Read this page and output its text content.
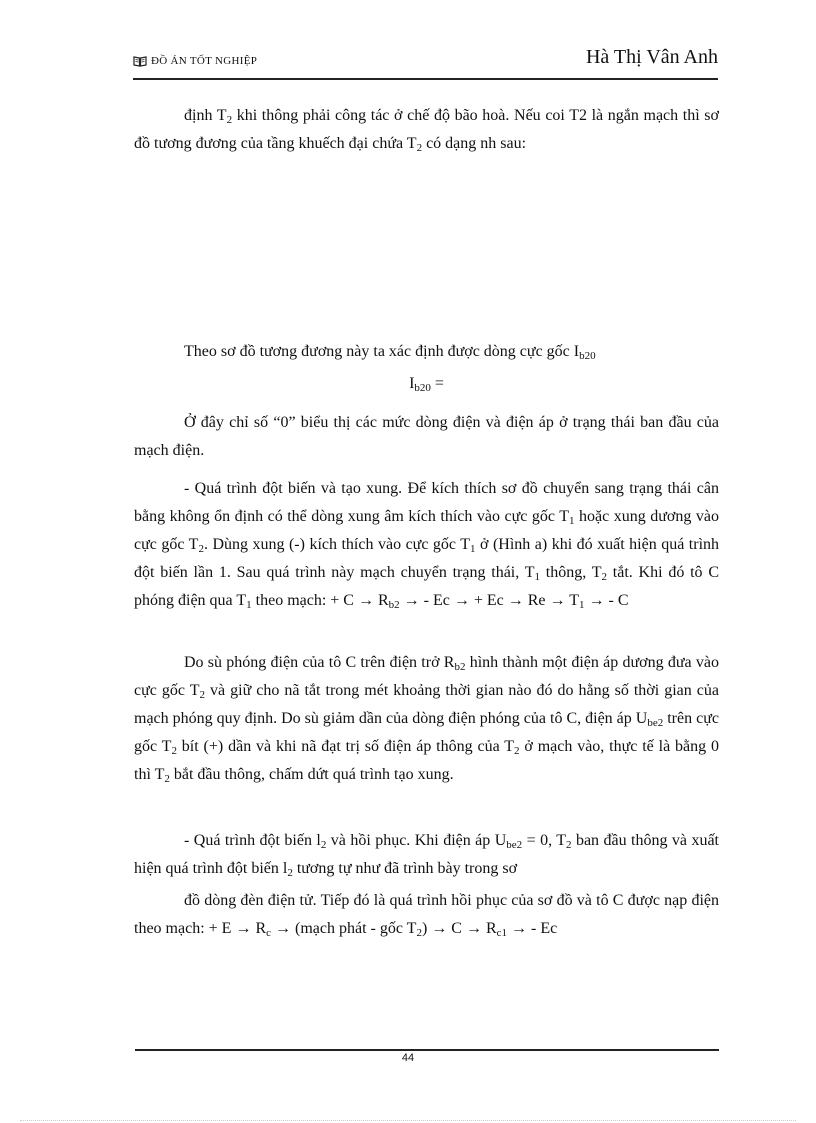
ĐỒ ÁN TỐT NGHIỆP	Hà Thị Vân Anh

định $T_2$ khi thông phải công tác ở chế độ bão hoà. Nếu coi T2 là ngắn mạch thì sơ đồ tương đương của tầng khuếch đại chứa $T_2$ có dạng nh sau:

Theo sơ đồ tương đương này ta xác định được dòng cực gốc $I_{b20}$

$I_{b20}$ =

Ở đây chỉ số “0” biểu thị các mức dòng điện và điện áp ở trạng thái ban đầu của mạch điện.

- Quá trình đột biến và tạo xung. Để kích thích sơ đồ chuyển sang trạng thái cân bằng không ổn định có thể dòng xung âm kích thích vào cực gốc $T_1$ hoặc xung dương vào cực gốc $T_2$. Dùng xung (-) kích thích vào cực gốc $T_1$ ở (Hình a) khi đó xuất hiện quá trình đột biến lần 1. Sau quá trình này mạch chuyển trạng thái, $T_1$ thông, $T_2$ tắt. Khi đó tô C phóng điện qua $T_1$ theo mạch: + $C \to R_{b2}$ → - Ec → + $Ec \to Re \to T_1$ → - C

Do sù phóng điện của tô C trên điện trở $R_{b2}$ hình thành một điện áp dương đưa vào cực gốc $T_2$ và giữ cho nã tắt trong mét khoảng thời gian nào đó do hằng số thời gian của mạch phóng quy định. Do sù giảm dần của dòng điện phóng của tô C, điện áp $U_{be2}$ trên cực gốc $T_2$ bít (+) dần và khi nã đạt trị số điện áp thông của $T_2$ ở mạch vào, thực tế là bằng 0 thì $T_2$ bắt đầu thông, chấm dứt quá trình tạo xung.

- Quá trình đột biến $l_2$ và hồi phục. Khi điện áp $U_{be2} = 0$, $T_2$ ban đầu thông và xuất hiện quá trình đột biến $l_2$ tương tự như đã trình bày trong sơ

đồ dòng đèn điện tử. Tiếp đó là quá trình hồi phục của sơ đồ và tô C được nạp điện theo mạch: + $E \to R_c$ → (mạch phát - gốc $T_2) \to C \to R_{c1}$ → - Ec

44
